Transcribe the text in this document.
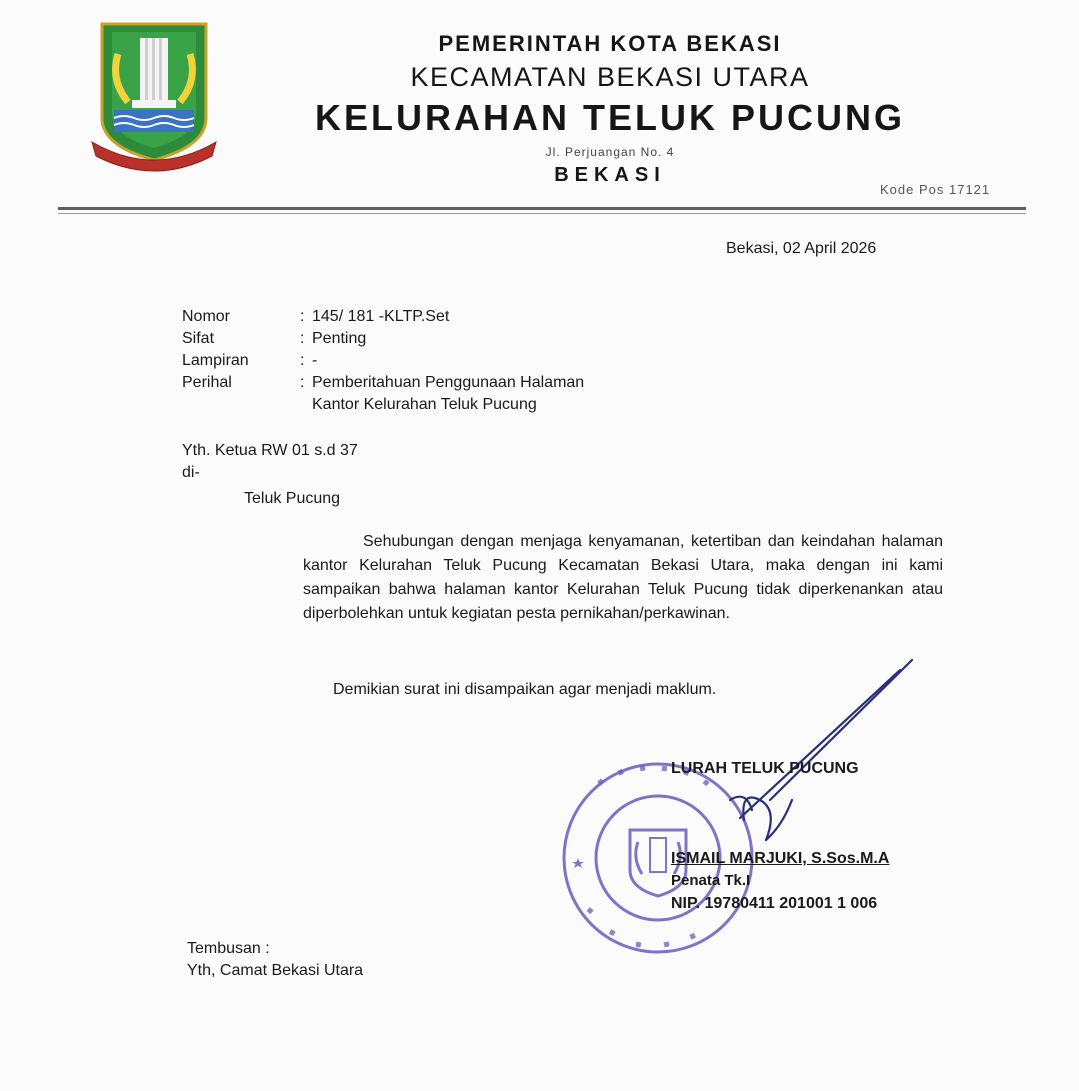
PEMERINTAH KOTA BEKASI
KECAMATAN BEKASI UTARA
KELURAHAN TELUK PUCUNG
Jl. Perjuangan No. 4
BEKASI
Kode Pos 17121
Bekasi, 02 April 2026
Nomor	: 145/ 181 -KLTP.Set
Sifat	: Penting
Lampiran	: -
Perihal	: Pemberitahuan Penggunaan Halaman
Kantor Kelurahan Teluk Pucung
Yth. Ketua RW 01 s.d 37
di-
Teluk Pucung
Sehubungan dengan menjaga kenyamanan, ketertiban dan keindahan halaman kantor Kelurahan Teluk Pucung Kecamatan Bekasi Utara, maka dengan ini kami sampaikan bahwa halaman kantor Kelurahan Teluk Pucung tidak diperkenankan atau diperbolehkan untuk kegiatan pesta pernikahan/perkawinan.
Demikian surat ini disampaikan agar menjadi maklum.
LURAH TELUK PUCUNG
ISMAIL MARJUKI, S.Sos.M.A
Penata Tk.I
NIP. 19780411 201001 1 006
Tembusan :
Yth, Camat Bekasi Utara
